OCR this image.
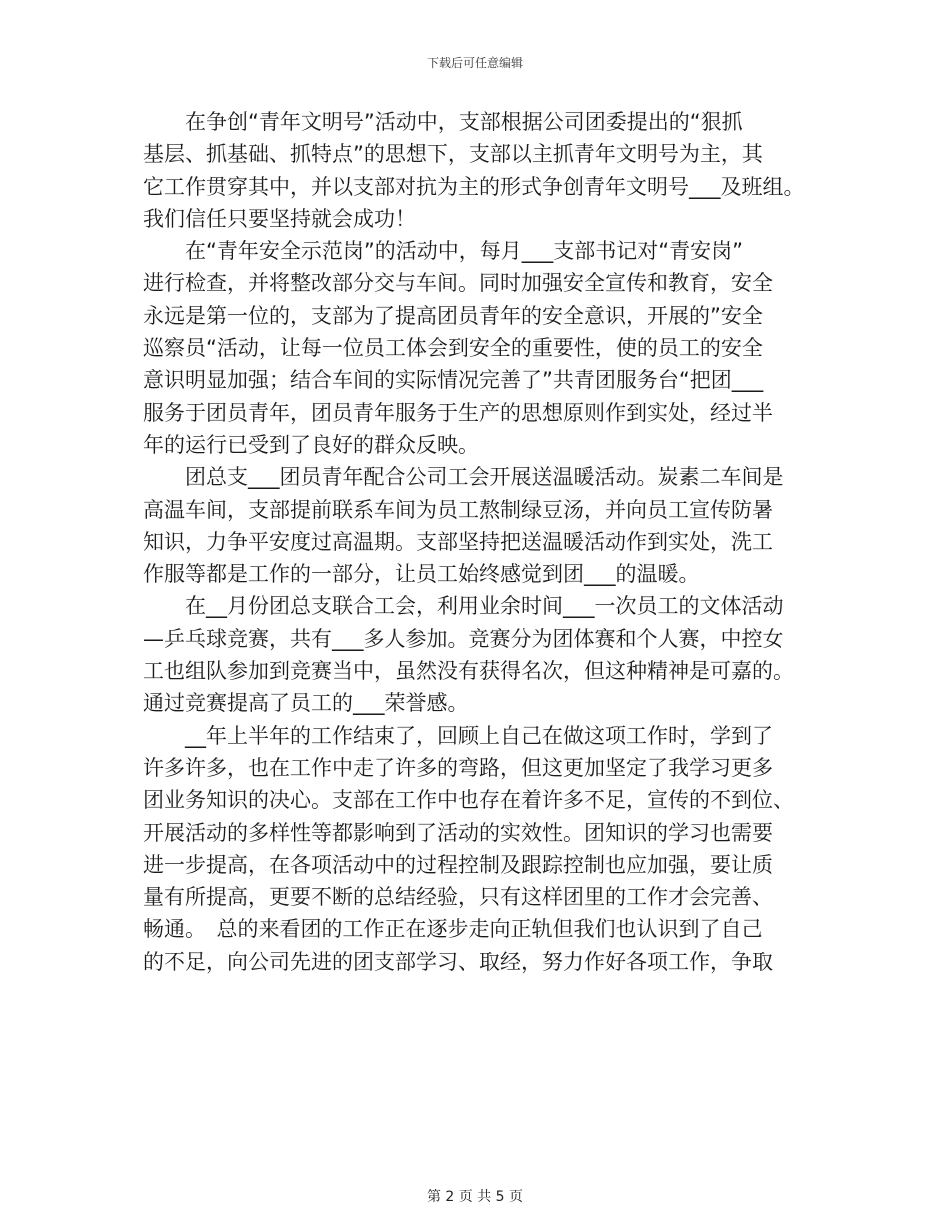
下载后可任意编辑

在争创“青年文明号”活动中，支部根据公司团委提出的“狠抓
基层、抓基础、抓特点”的思想下，支部以主抓青年文明号为主，其
它工作贯穿其中，并以支部对抗为主的形式争创青年文明号___及班组。
我们信任只要坚持就会成功！

在“青年安全示范岗”的活动中，每月___支部书记对“青安岗”
进行检查，并将整改部分交与车间。同时加强安全宣传和教育，安全
永远是第一位的，支部为了提高团员青年的安全意识，开展的”安全
巡察员“活动，让每一位员工体会到安全的重要性，使的员工的安全
意识明显加强；结合车间的实际情况完善了”共青团服务台“把团___
服务于团员青年，团员青年服务于生产的思想原则作到实处，经过半
年的运行已受到了良好的群众反映。

团总支___团员青年配合公司工会开展送温暖活动。炭素二车间是
高温车间，支部提前联系车间为员工熬制绿豆汤，并向员工宣传防暑
知识，力争平安度过高温期。支部坚持把送温暖活动作到实处，洗工
作服等都是工作的一部分，让员工始终感觉到团___的温暖。

在__月份团总支联合工会，利用业余时间___一次员工的文体活动
—乒乓球竞赛，共有___多人参加。竞赛分为团体赛和个人赛，中控女
工也组队参加到竞赛当中，虽然没有获得名次，但这种精神是可嘉的。
通过竞赛提高了员工的___荣誉感。

__年上半年的工作结束了，回顾上自己在做这项工作时，学到了
许多许多，也在工作中走了许多的弯路，但这更加坚定了我学习更多
团业务知识的决心。支部在工作中也存在着许多不足，宣传的不到位、
开展活动的多样性等都影响到了活动的实效性。团知识的学习也需要
进一步提高，在各项活动中的过程控制及跟踪控制也应加强，要让质
量有所提高，更要不断的总结经验，只有这样团里的工作才会完善、
畅通。　总的来看团的工作正在逐步走向正轨但我们也认识到了自己
的不足，向公司先进的团支部学习、取经，努力作好各项工作，争取

第 2 页 共 5 页
